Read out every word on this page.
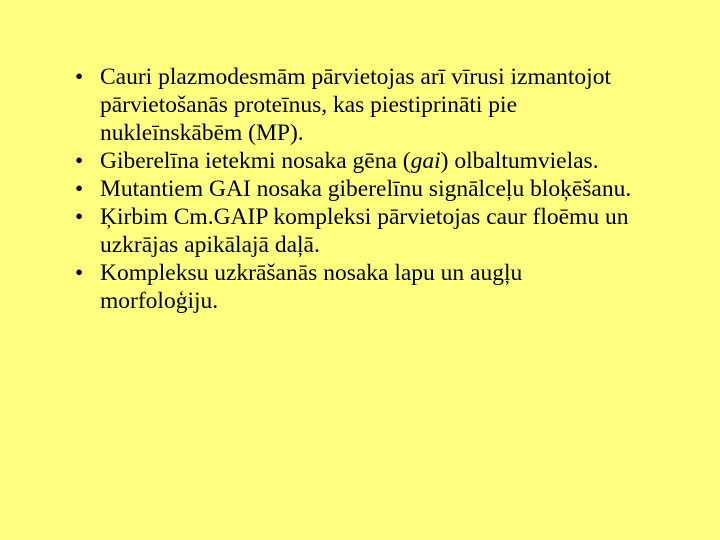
• Cauri plazmodesmām pārvietojas arī vīrusi izmantojot pārvietošanās proteīnus, kas piestiprināti pie nukleīnskābēm (MP).
• Giberelīna ietekmi nosaka gēna (gai) olbaltumvielas.
• Mutantiem GAI nosaka giberelīnu signālceļu bloķēšanu.
• Ķirbim Cm.GAIP kompleksi pārvietojas caur floēmu un uzkrājas apikālajā daļā.
• Kompleksu uzkrāšanās nosaka lapu un augļu morfoloģiju.
